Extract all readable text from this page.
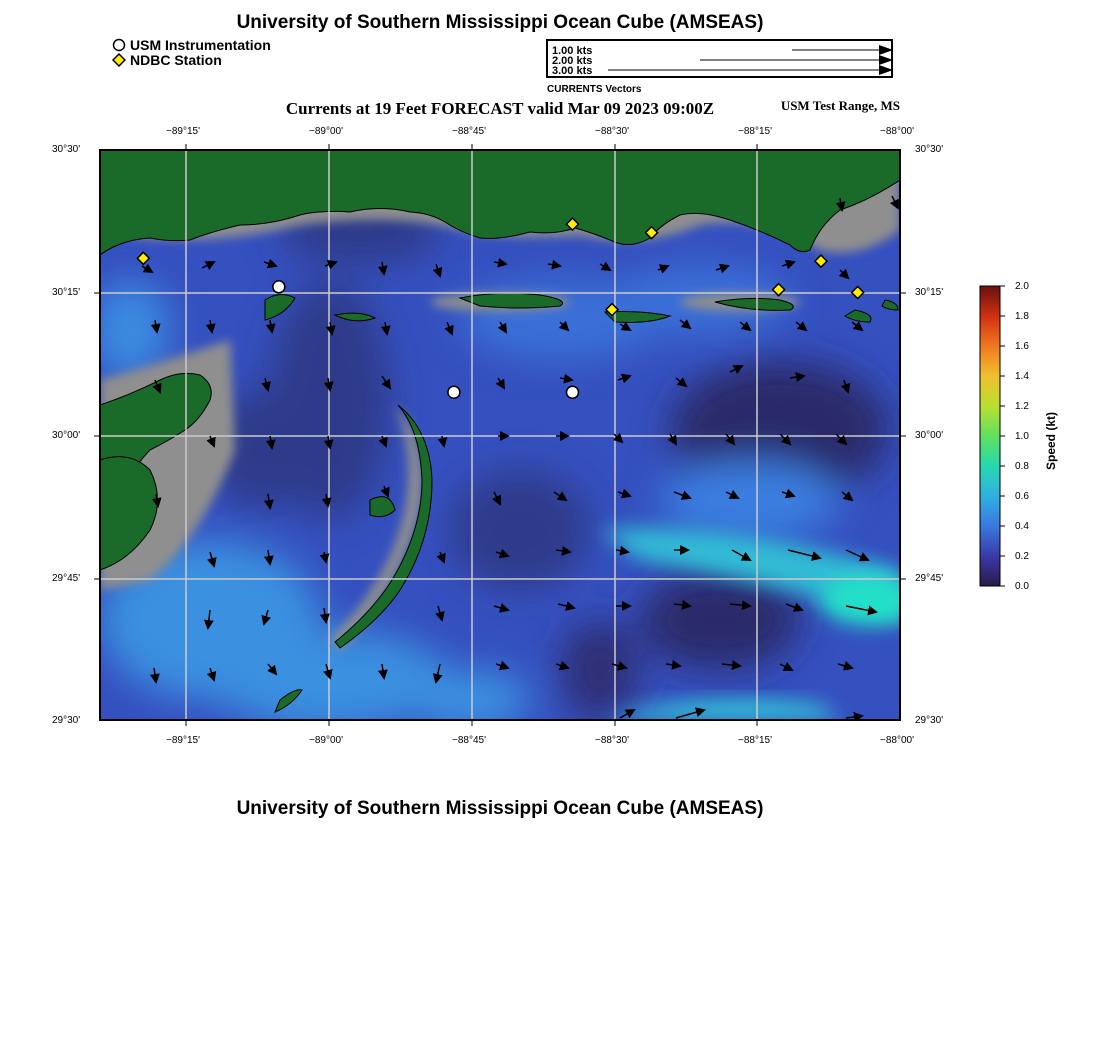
University of Southern Mississippi Ocean Cube (AMSEAS)
USM Instrumentation
NDBC Station
1.00 kts
2.00 kts
3.00 kts
CURRENTS Vectors
Currents at 19 Feet FORECAST valid Mar 09 2023 09:00Z	USM Test Range, MS
−89°15'	−89°00'	−88°45'	−88°30'	−88°15'	−88°00'
−89°15'	−89°00'	−88°45'	−88°30'	−88°15'	−88°00'
30°30'
30°15'
30°00'
29°45'
29°30'
30°30'
30°15'
30°00'
29°45'
29°30'
2.0
1.8
1.6
1.4
1.2
1.0
0.8
0.6
0.4
0.2
0.0
Speed (kt)
University of Southern Mississippi Ocean Cube (AMSEAS)
